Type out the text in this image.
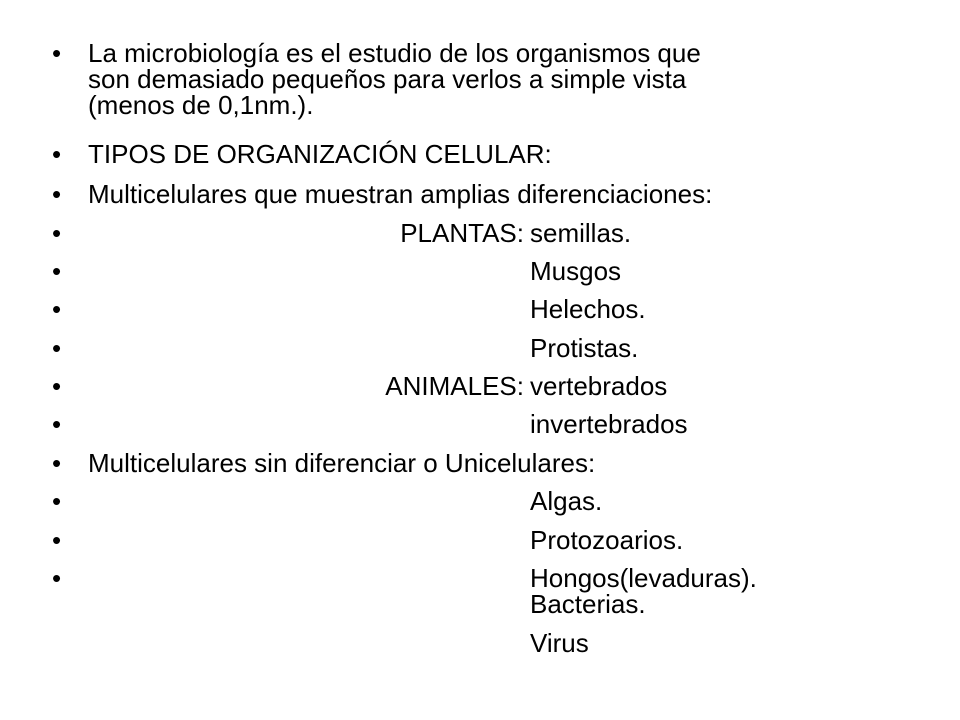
• La microbiología es el estudio de los organismos que
son demasiado pequeños para verlos a simple vista
(menos de 0,1nm.).
• TIPOS DE ORGANIZACIÓN CELULAR:
• Multicelulares que muestran amplias diferenciaciones:
•	PLANTAS: semillas.
•	Musgos
•	Helechos.
•	Protistas.
•	ANIMALES: vertebrados
•	invertebrados
• Multicelulares sin diferenciar o Unicelulares:
•	Algas.
•	Protozoarios.
•	Hongos(levaduras).
Bacterias.
Virus
